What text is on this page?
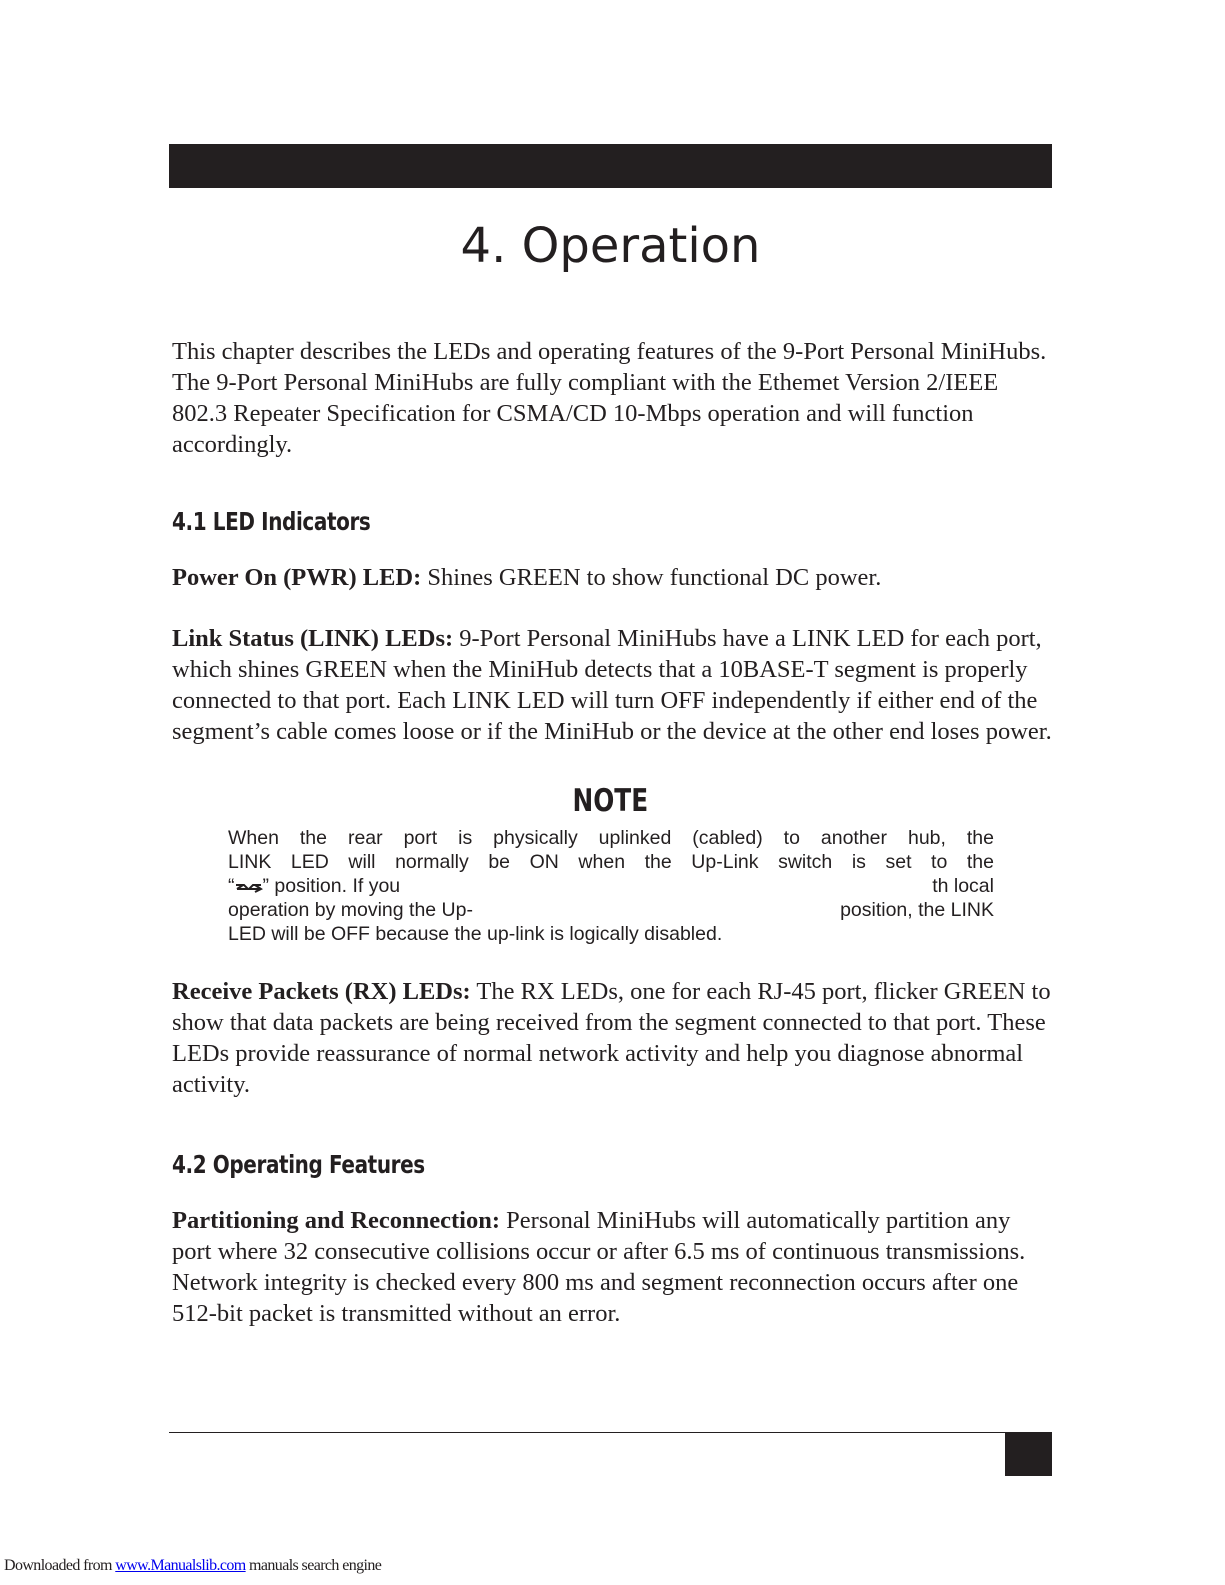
4. Operation

This chapter describes the LEDs and operating features of the 9-Port Personal MiniHubs. The 9-Port Personal MiniHubs are fully compliant with the Ethemet Version 2/IEEE 802.3 Repeater Specification for CSMA/CD 10-Mbps operation and will function accordingly.

4.1 LED Indicators

Power On (PWR) LED: Shines GREEN to show functional DC power.

Link Status (LINK) LEDs: 9-Port Personal MiniHubs have a LINK LED for each port, which shines GREEN when the MiniHub detects that a 10BASE-T segment is properly connected to that port. Each LINK LED will turn OFF independently if either end of the segment’s cable comes loose or if the MiniHub or the device at the other end loses power.

NOTE

When the rear port is physically uplinked (cabled) to another hub, the

LINK LED will normally be ON when the Up-Link switch is set to the

“ ” position. If you	th local

operation by moving the Up-	position, the LINK

LED will be OFF because the up-link is logically disabled.

Receive Packets (RX) LEDs: The RX LEDs, one for each RJ-45 port, flicker GREEN to show that data packets are being received from the segment connected to that port. These LEDs provide reassurance of normal network activity and help you diagnose abnormal activity.

4.2 Operating Features

Partitioning and Reconnection: Personal MiniHubs will automatically partition any port where 32 consecutive collisions occur or after 6.5 ms of continuous transmissions. Network integrity is checked every 800 ms and segment reconnection occurs after one 512-bit packet is transmitted without an error.

Downloaded from www.Manualslib.com manuals search engine
